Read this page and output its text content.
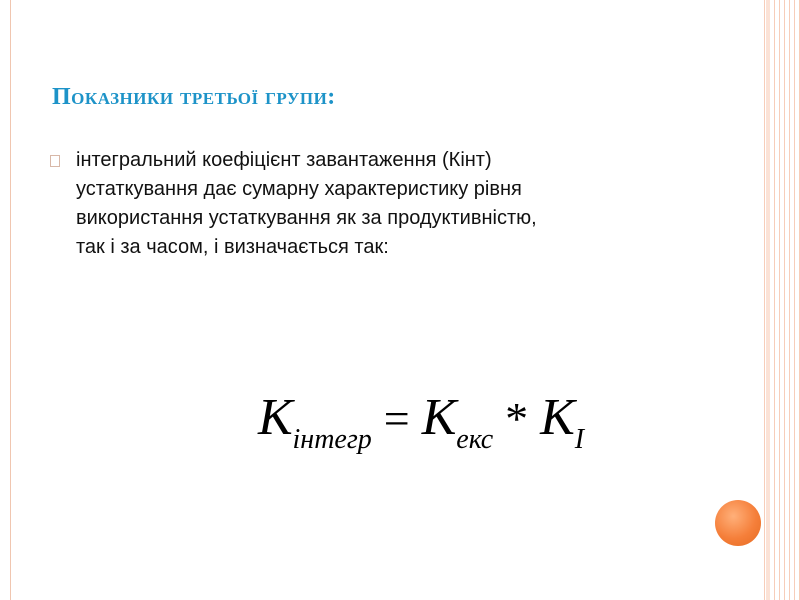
Показники третьої групи:
інтегральний коефіцієнт завантаження (Кінт)
устаткування дає сумарну характеристику рівня
використання устаткування як за продуктивністю,
так і за часом, і визначається так:
Кінтегр = Кекс * КІ
